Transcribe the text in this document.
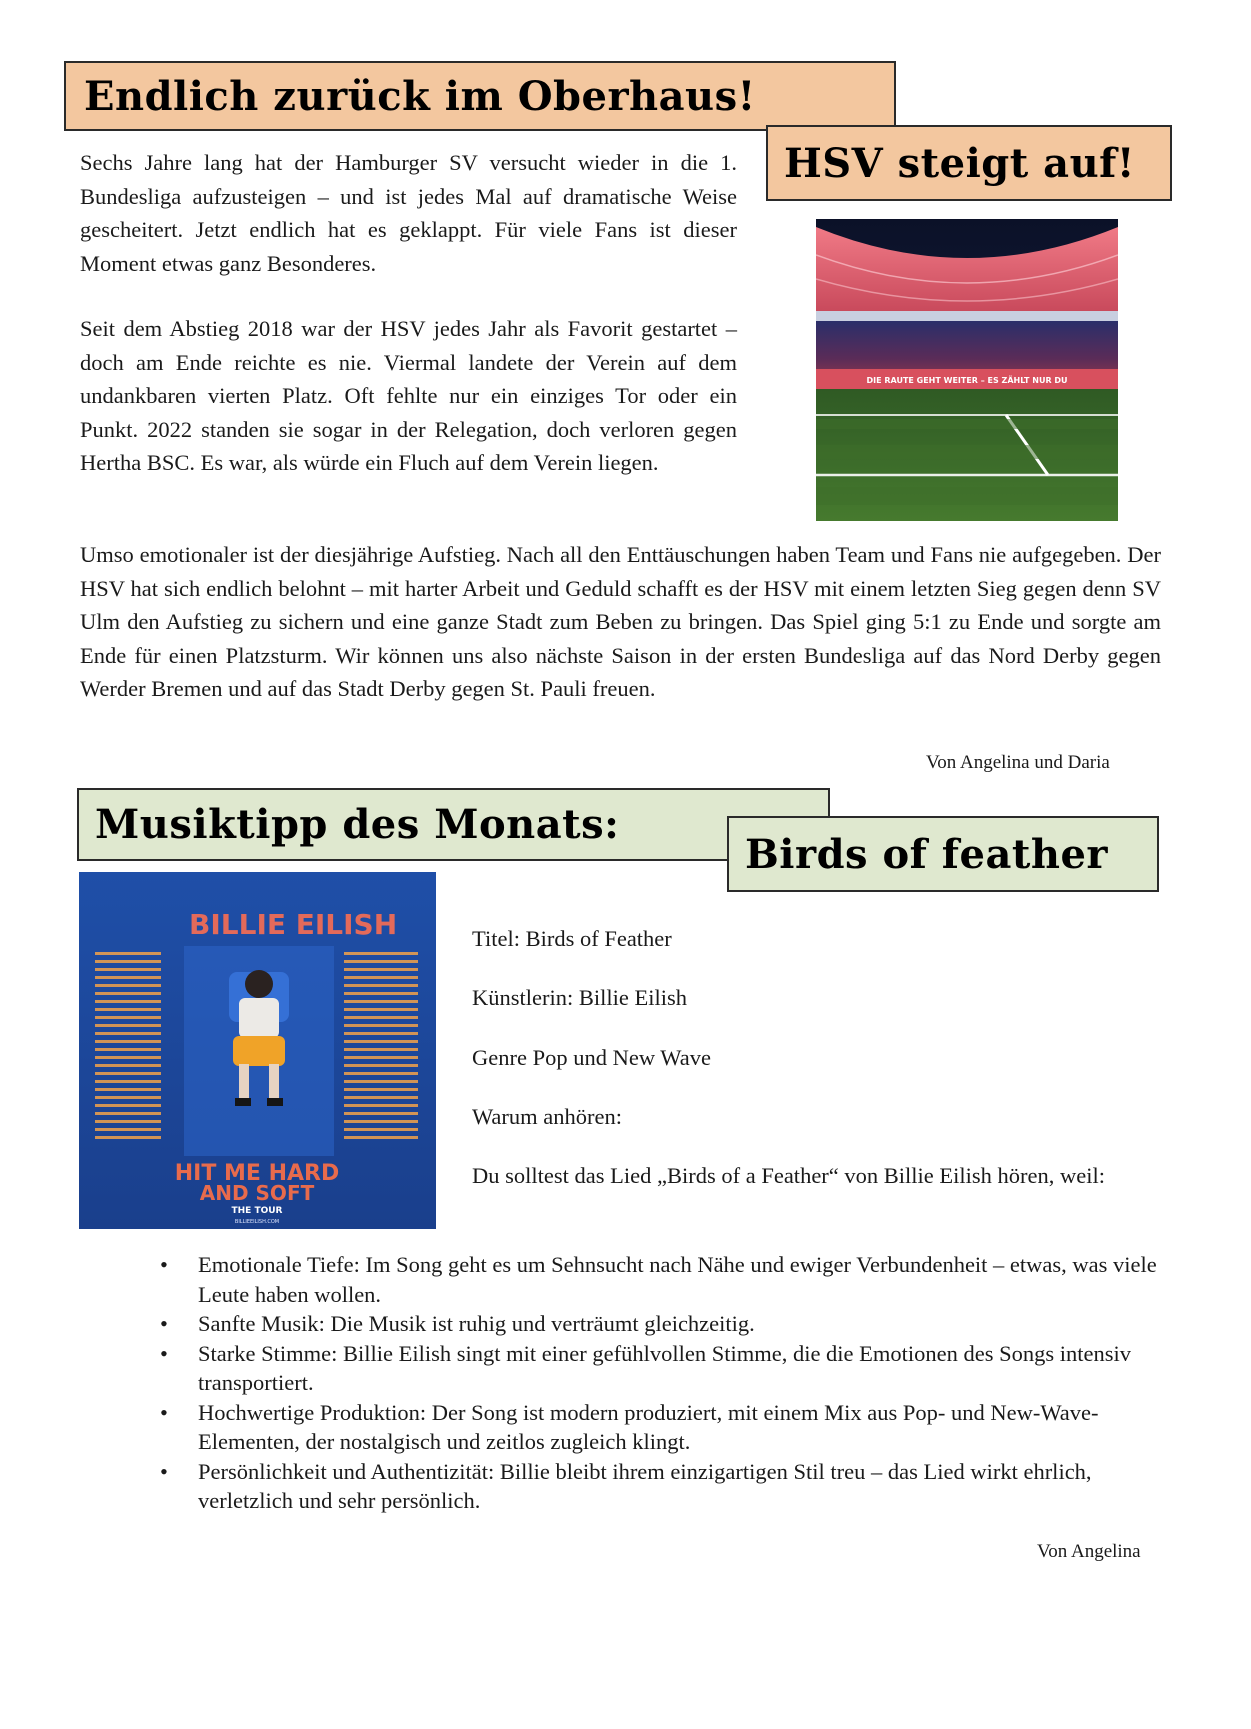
Endlich zurück im Oberhaus!
HSV steigt auf!

Sechs Jahre lang hat der Hamburger SV versucht wieder in die 1. Bundesliga aufzusteigen – und ist jedes Mal auf dramatische Weise gescheitert. Jetzt endlich hat es geklappt. Für viele Fans ist dieser Moment etwas ganz Besonderes.

Seit dem Abstieg 2018 war der HSV jedes Jahr als Favorit gestartet – doch am Ende reichte es nie. Viermal landete der Verein auf dem undankbaren vierten Platz. Oft fehlte nur ein einziges Tor oder ein Punkt. 2022 standen sie sogar in der Relegation, doch verloren gegen Hertha BSC. Es war, als würde ein Fluch auf dem Verein liegen.

DIE RAUTE GEHT WEITER – ES ZÄHLT NUR DU

Umso emotionaler ist der diesjährige Aufstieg. Nach all den Enttäuschungen haben Team und Fans nie aufgegeben. Der HSV hat sich endlich belohnt – mit harter Arbeit und Geduld schafft es der HSV mit einem letzten Sieg gegen denn SV Ulm den Aufstieg zu sichern und eine ganze Stadt zum Beben zu bringen. Das Spiel ging 5:1 zu Ende und sorgte am Ende für einen Platzsturm. Wir können uns also nächste Saison in der ersten Bundesliga auf das Nord Derby gegen Werder Bremen und auf das Stadt Derby gegen St. Pauli freuen.

Von Angelina und Daria
Musiktipp des Monats:
Birds of feather
BILLIE EILISH
HIT ME HARD
AND SOFT
THE TOUR
BILLIEEILISH.COM

Titel: Birds of Feather

Künstlerin: Billie Eilish

Genre Pop und New Wave

Warum anhören:

Du solltest das Lied „Birds of a Feather“ von Billie Eilish hören, weil:

• Emotionale Tiefe: Im Song geht es um Sehnsucht nach Nähe und ewiger Verbundenheit – etwas, was viele Leute haben wollen.
• Sanfte Musik: Die Musik ist ruhig und verträumt gleichzeitig.
• Starke Stimme: Billie Eilish singt mit einer gefühlvollen Stimme, die die Emotionen des Songs intensiv transportiert.
• Hochwertige Produktion: Der Song ist modern produziert, mit einem Mix aus Pop- und New-Wave-Elementen, der nostalgisch und zeitlos zugleich klingt.
• Persönlichkeit und Authentizität: Billie bleibt ihrem einzigartigen Stil treu – das Lied wirkt ehrlich, verletzlich und sehr persönlich.
Von Angelina
